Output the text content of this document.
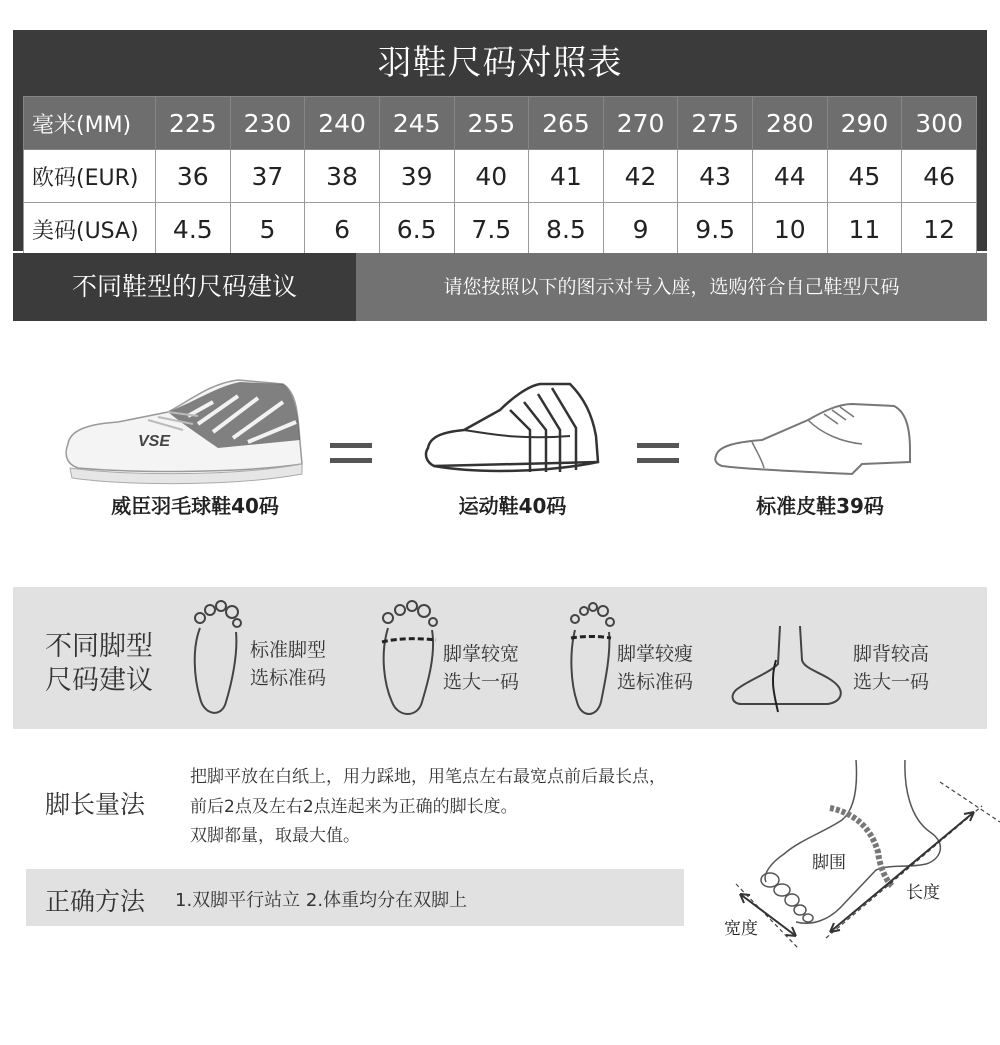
羽鞋尺码对照表
毫米(MM)	225	230	240	245	255	265	270	275	280	290	300
欧码(EUR)	36	37	38	39	40	41	42	43	44	45	46
美码(USA)	4.5	5	6	6.5	7.5	8.5	9	9.5	10	11	12
不同鞋型的尺码建议	请您按照以下的图示对号入座，选购符合自己鞋型尺码
VSE
威臣羽毛球鞋40码	运动鞋40码	标准皮鞋39码
不同脚型
尺码建议
标准脚型
选标准码
脚掌较宽
选大一码
脚掌较瘦
选标准码
脚背较高
选大一码
脚长量法
把脚平放在白纸上，用力踩地，用笔点左右最宽点前后最长点，
前后2点及左右2点连起来为正确的脚长度。
双脚都量，取最大值。
正确方法 1.双脚平行站立 2.体重均分在双脚上
脚围
长度
宽度
